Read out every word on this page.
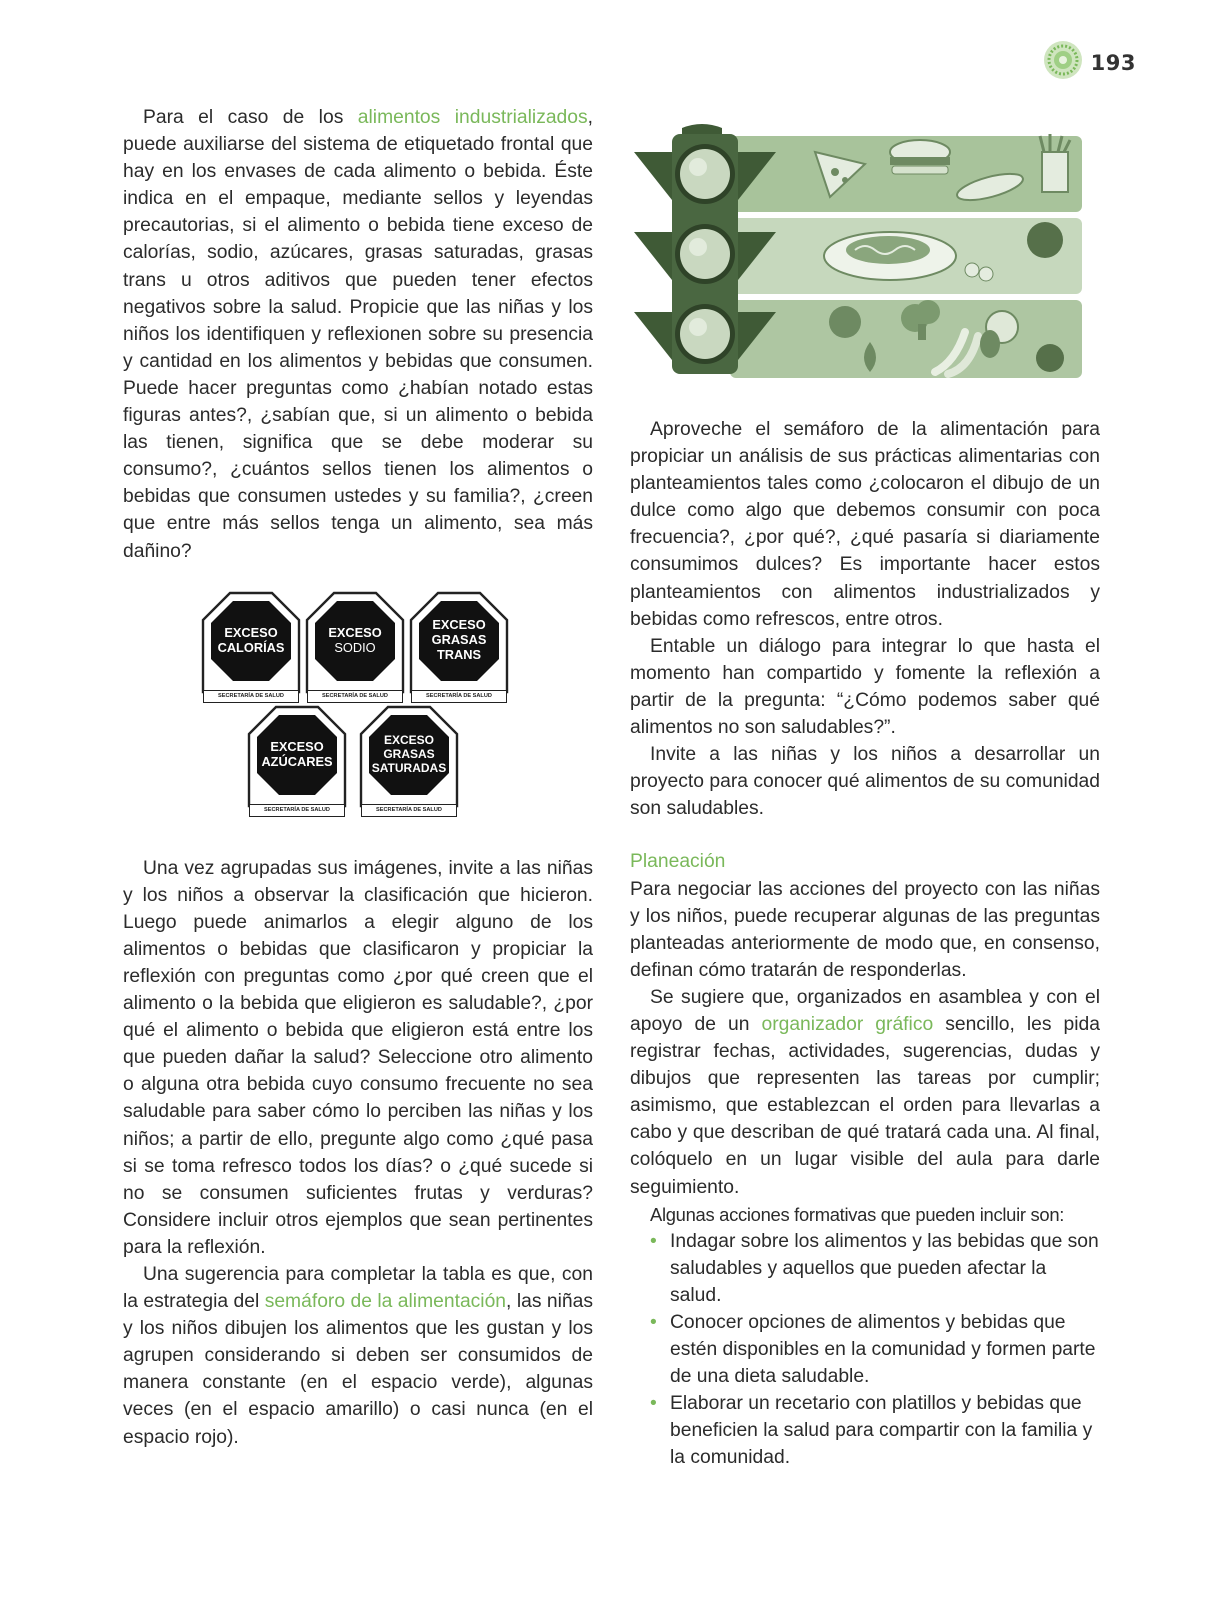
193

Para el caso de los alimentos industrializados, puede auxiliarse del sistema de etiquetado frontal que hay en los envases de cada alimento o bebida. Éste indica en el empaque, mediante sellos y leyendas precautorias, si el alimento o bebida tiene exceso de calorías, sodio, azúcares, grasas saturadas, grasas trans u otros aditivos que pueden tener efectos negativos sobre la salud. Propicie que las niñas y los niños los identifiquen y reflexionen sobre su presencia y cantidad en los alimentos y bebidas que consumen. Puede hacer preguntas como ¿habían notado estas figuras antes?, ¿sabían que, si un alimento o bebida las tienen, significa que se debe moderar su consumo?, ¿cuántos sellos tienen los alimentos o bebidas que consumen ustedes y su familia?, ¿creen que entre más sellos tenga un alimento, sea más dañino?

EXCESO
CALORÍAS
SECRETARÍA DE SALUD
EXCESO
SODIO
SECRETARÍA DE SALUD
EXCESO
GRASAS
TRANS
SECRETARÍA DE SALUD
EXCESO
AZÚCARES
SECRETARÍA DE SALUD
EXCESO
GRASAS
SATURADAS
SECRETARÍA DE SALUD

Una vez agrupadas sus imágenes, invite a las niñas y los niños a observar la clasificación que hicieron. Luego puede animarlos a elegir alguno de los alimentos o bebidas que clasificaron y propiciar la reflexión con preguntas como ¿por qué creen que el alimento o la bebida que eligieron es saludable?, ¿por qué el alimento o bebida que eligieron está entre los que pueden dañar la salud? Seleccione otro alimento o alguna otra bebida cuyo consumo frecuente no sea saludable para saber cómo lo perciben las niñas y los niños; a partir de ello, pregunte algo como ¿qué pasa si se toma refresco todos los días? o ¿qué sucede si no se consumen suficientes frutas y verduras? Considere incluir otros ejemplos que sean pertinentes para la reflexión.

Una sugerencia para completar la tabla es que, con la estrategia del semáforo de la alimentación, las niñas y los niños dibujen los alimentos que les gustan y los agrupen considerando si deben ser consumidos de manera constante (en el espacio verde), algunas veces (en el espacio amarillo) o casi nunca (en el espacio rojo).

Aproveche el semáforo de la alimentación para propiciar un análisis de sus prácticas alimentarias con planteamientos tales como ¿colocaron el dibujo de un dulce como algo que debemos consumir con poca frecuencia?, ¿por qué?, ¿qué pasaría si diariamente consumimos dulces? Es importante hacer estos planteamientos con alimentos industrializados y bebidas como refrescos, entre otros.

Entable un diálogo para integrar lo que hasta el momento han compartido y fomente la reflexión a partir de la pregunta: “¿Cómo podemos saber qué alimentos no son saludables?”.

Invite a las niñas y los niños a desarrollar un proyecto para conocer qué alimentos de su comunidad son saludables.

Planeación

Para negociar las acciones del proyecto con las niñas y los niños, puede recuperar algunas de las preguntas planteadas anteriormente de modo que, en consenso, definan cómo tratarán de responderlas.

Se sugiere que, organizados en asamblea y con el apoyo de un organizador gráfico sencillo, les pida registrar fechas, actividades, sugerencias, dudas y dibujos que representen las tareas por cumplir; asimismo, que establezcan el orden para llevarlas a cabo y que describan de qué tratará cada una. Al final, colóquelo en un lugar visible del aula para darle seguimiento.

Algunas acciones formativas que pueden incluir son:

• Indagar sobre los alimentos y las bebidas que son saludables y aquellos que pueden afectar la salud.
• Conocer opciones de alimentos y bebidas que estén disponibles en la comunidad y formen parte de una dieta saludable.
• Elaborar un recetario con platillos y bebidas que beneficien la salud para compartir con la familia y la comunidad.
